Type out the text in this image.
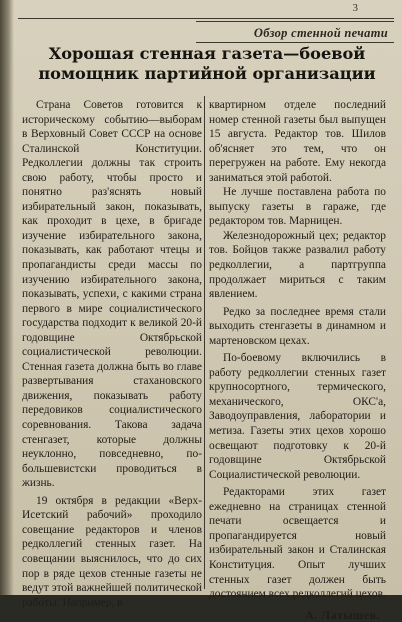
3
Обзор стенной печати
Хорошая стенная газета—боевой помощник партийной организации

Страна Советов готовится к историческому событию—выборам в Верховный Совет СССР на основе Сталинской Конституции. Редколлегии должны так строить свою работу, чтобы просто и понятно раз'яснять новый избирательный закон, показывать, как проходит в цехе, в бригаде изучение избирательного закона, показывать, как работают чтецы и пропагандисты среди массы по изучению избирательного закона, показывать, успехи, с какими страна первого в мире социалистического государства подходит к великой 20-й годовщине Октябрьской социалистической революции. Стенная газета должна быть во главе развертывания стахановского движения, показывать работу передовиков социалистического соревнования. Такова задача стенгазет, которые должны неуклонно, повседневно, по-большевистски проводиться в жизнь.

19 октября в редакции «Верх-Исетский рабочий» проходило совещание редакторов и членов редколлегий стенных газет. На совещании выяснилось, что до сих пор в ряде цехов стенные газеты не ведут этой важнейшей политической работы. Например, в

квартирном отделе последний номер стенной газеты был выпущен 15 августа. Редактор тов. Шилов об'ясняет это тем, что он перегружен на работе. Ему некогда заниматься этой работой.

Не лучше поставлена работа по выпуску газеты в гараже, где редактором тов. Марницен.

Железнодорожный цех; редактор тов. Бойцов также развалил работу редколлегии, а партгруппа продолжает мириться с таким явлением.

Редко за последнее время стали выходить стенгазеты в динамном и мартеновском цехах.

По-боевому включились в работу редколлегии стенных газет крупносортного, термического, механического, ОКС'а, Заводоуправления, лаборатории и метиза. Газеты этих цехов хорошо освещают подготовку к 20-й годовщине Октябрьской Социалистической революции.

Редакторами этих газет ежедневно на страницах стенной печати освещается и пропагандируется новый избирательный закон и Сталинская Конституция. Опыт лучших стенных газет должен быть достоянием всех редколлегий цехов.

А. Латышев.
